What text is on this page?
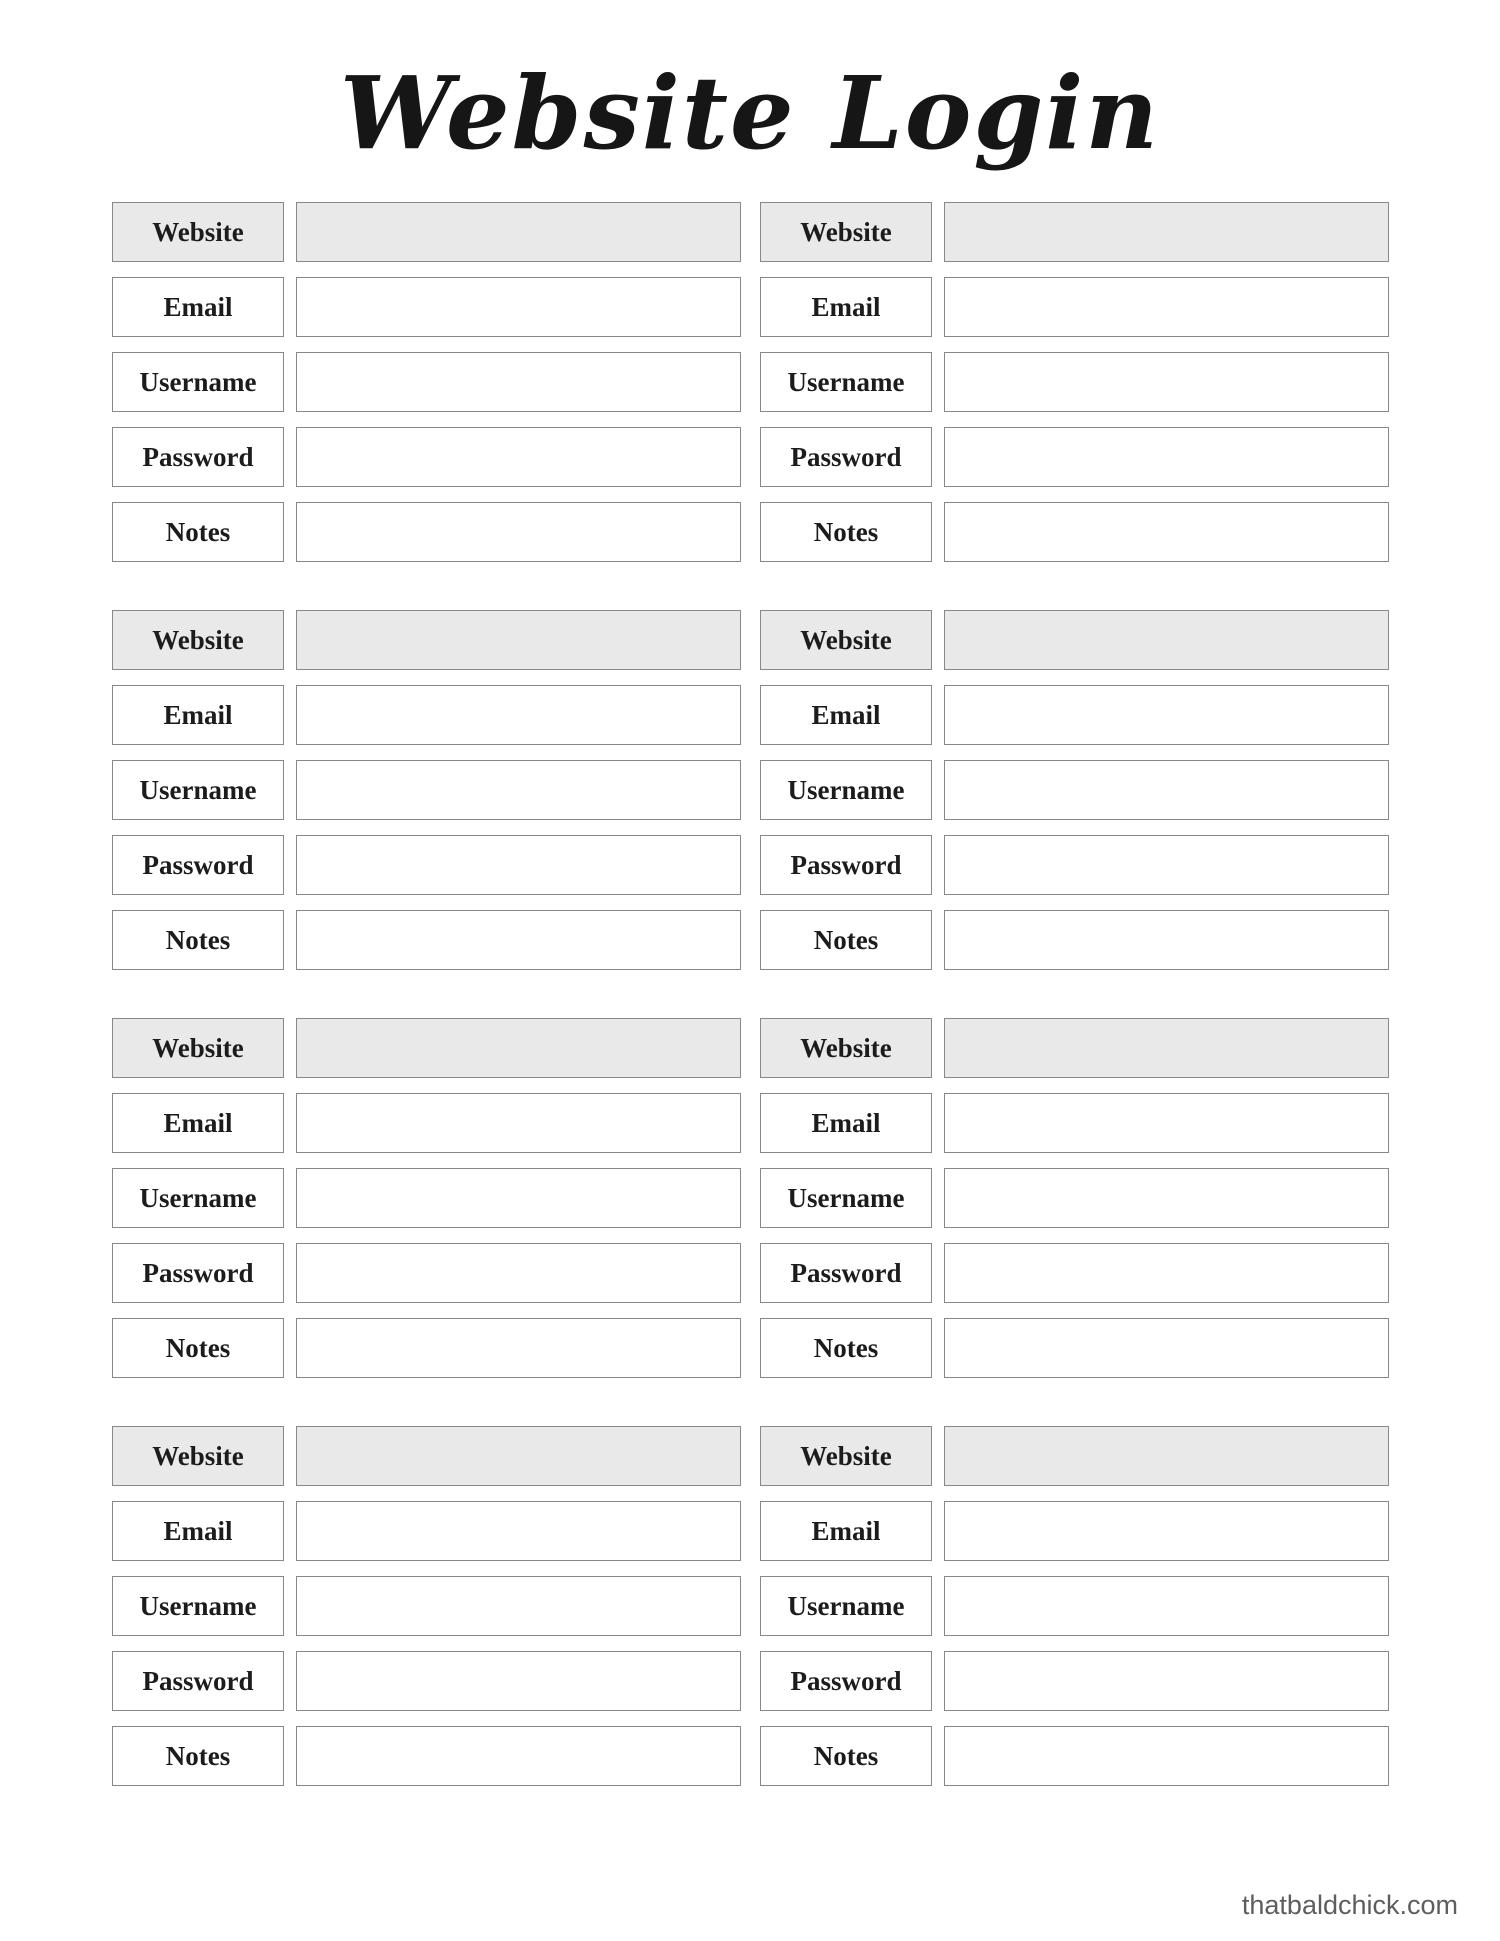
Website Login
Website
Email
Username
Password
Notes
Website
Email
Username
Password
Notes
Website
Email
Username
Password
Notes
Website
Email
Username
Password
Notes
Website
Email
Username
Password
Notes
Website
Email
Username
Password
Notes
Website
Email
Username
Password
Notes
Website
Email
Username
Password
Notes
thatbaldchick.com
